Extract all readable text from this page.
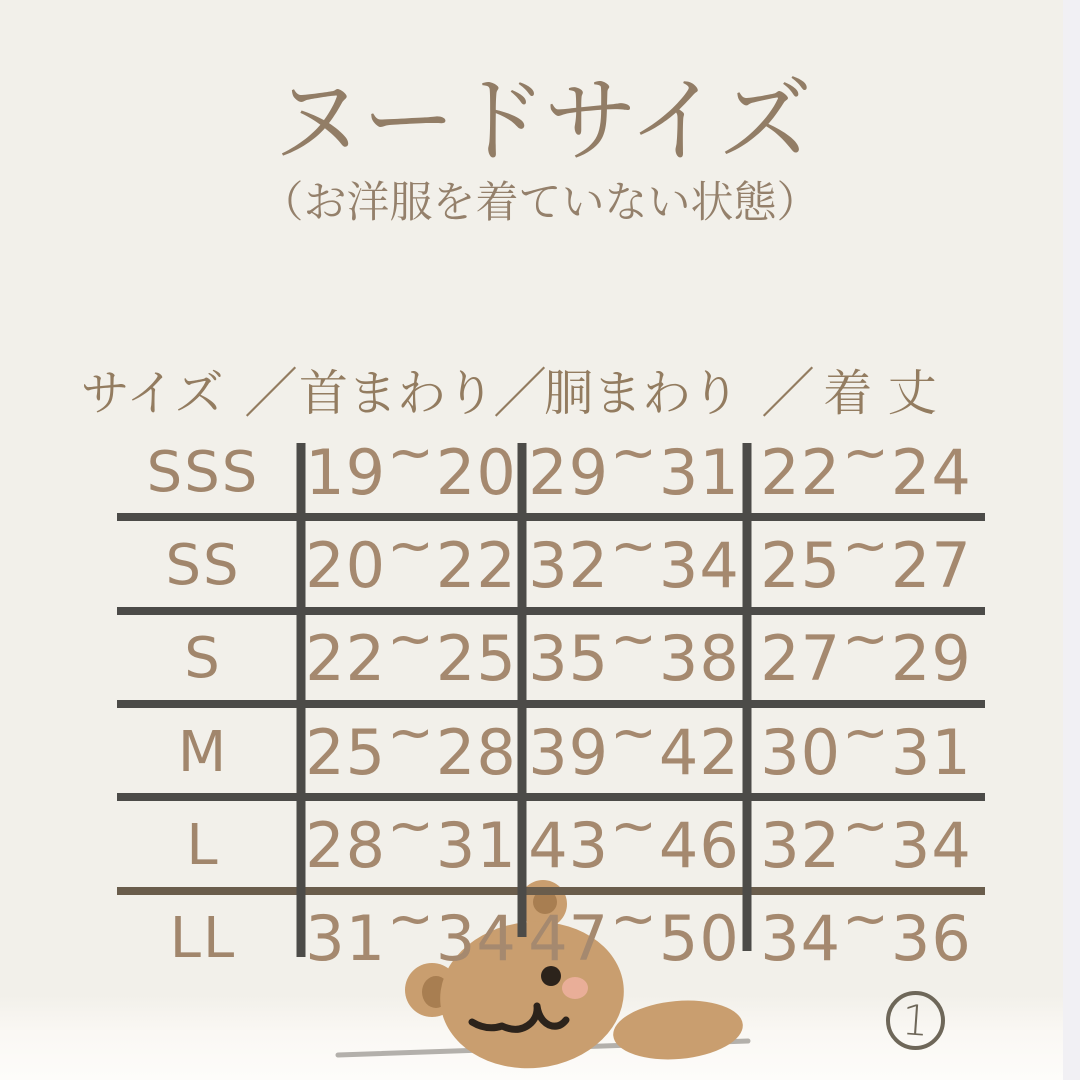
ヌードサイズ
（お洋服を着ていない状態）
サイズ ／ 首まわり
／
胴まわり ／ 着 丈
SSS 19~20 29~31 22~24
SS	20~22 32~34 25~27
S	22~25 35~38 27~29
M	25~28 39~42 30~31
L	28~31 43~46 32~34
LL	31~34 47~50 34~36
1
